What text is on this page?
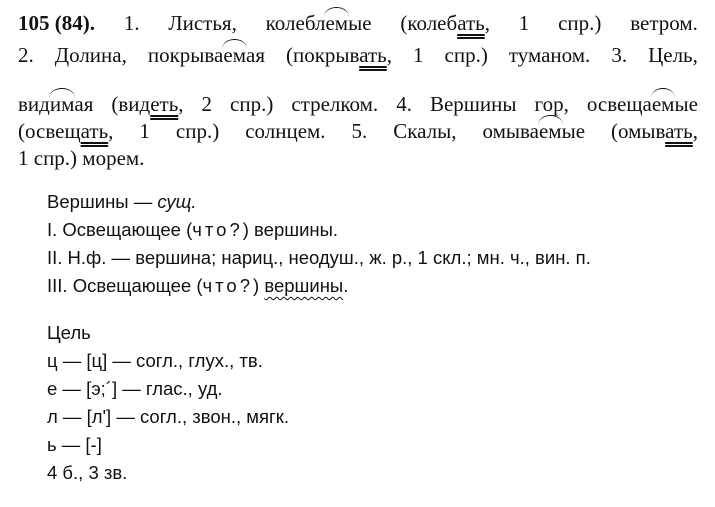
105 (84). 1. Листья, колеблемые (колебать, 1 спр.) ветром.
2. Долина, покрываемая (покрывать, 1 спр.) туманом. 3. Цель,
видимая (видеть, 2 спр.) стрелком. 4. Вершины гор, освещаемые
(освещать, 1 спр.) солнцем. 5. Скалы, омываемые (омывать,
1 спр.) морем.
Вершины — сущ.
I. Освещающее (что?) вершины.
II. Н.ф. — вершина; нариц., неодуш., ж. р., 1 скл.; мн. ч., вин. п.
III. Освещающее (что?) вершины.
Цель
ц — [ц] — согл., глух., тв.
е — [э;´] — глас., уд.
л — [л'] — согл., звон., мягк.
ь — [-]
4 б., 3 зв.
